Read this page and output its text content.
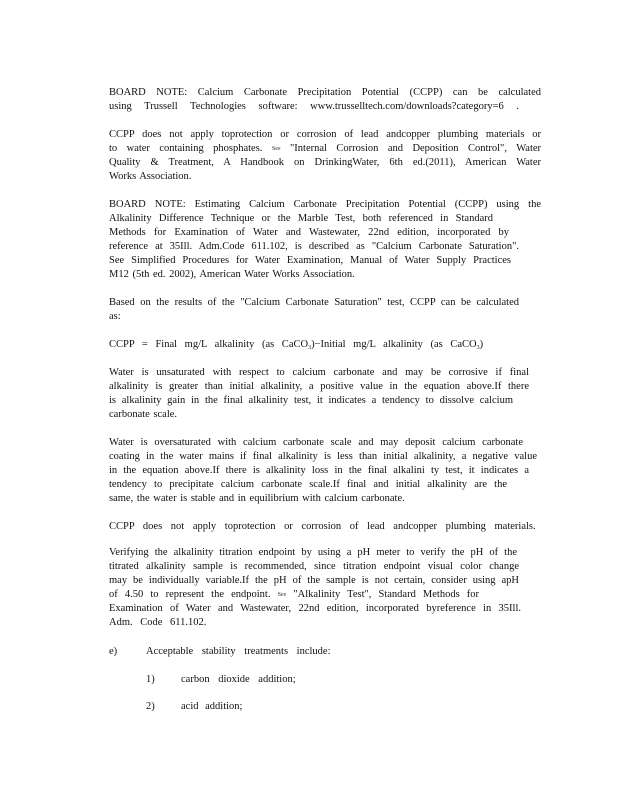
BOARD NOTE: Calcium Carbonate Precipitation Potential (CCPP) can be calculated
using Trussell Technologies software: www.trusselltech.com/downloads?category=6 .
CCPP does not apply toprotection or corrosion of lead andcopper plumbing materials or
to water containing phosphates. See "Internal Corrosion and Deposition Control", Water
Quality & Treatment, A Handbook on DrinkingWater, 6th ed.(2011), American Water
Works Association.
BOARD NOTE: Estimating Calcium Carbonate Precipitation Potential (CCPP) using the
Alkalinity Difference Technique or the Marble Test, both referenced in Standard
Methods for Examination of Water and Wastewater, 22nd edition, incorporated by
reference at 35Ill. Adm.Code 611.102, is described as "Calcium Carbonate Saturation".
See Simplified Procedures for Water Examination, Manual of Water Supply Practices
M12 (5th ed. 2002), American Water Works Association.
Based on the results of the "Calcium Carbonate Saturation" test, CCPP can be calculated
as:
CCPP = Final mg/L alkalinity (as CaCO$_3$)−Initial mg/L alkalinity (as CaCO$_3$)
Water is unsaturated with respect to calcium carbonate and may be corrosive if final
alkalinity is greater than initial alkalinity, a positive value in the equation above.If there
is alkalinity gain in the final alkalinity test, it indicates a tendency to dissolve calcium
carbonate scale.
Water is oversaturated with calcium carbonate scale and may deposit calcium carbonate
coating in the water mains if final alkalinity is less than initial alkalinity, a negative value
in the equation above.If there is alkalinity loss in the final alkalini ty test, it indicates a
tendency to precipitate calcium carbonate scale.If final and initial alkalinity are the
same, the water is stable and in equilibrium with calcium carbonate.
CCPP does not apply toprotection or corrosion of lead andcopper plumbing materials.
Verifying the alkalinity titration endpoint by using a pH meter to verify the pH of the
titrated alkalinity sample is recommended, since titration endpoint visual color change
may be individually variable.If the pH of the sample is not certain, consider using apH
of 4.50 to represent the endpoint. See "Alkalinity Test", Standard Methods for
Examination of Water and Wastewater, 22nd edition, incorporated byreference in 35Ill.
Adm. Code 611.102.
e)	Acceptable stability treatments include:
1)	carbon dioxide addition;
2)	acid addition;
